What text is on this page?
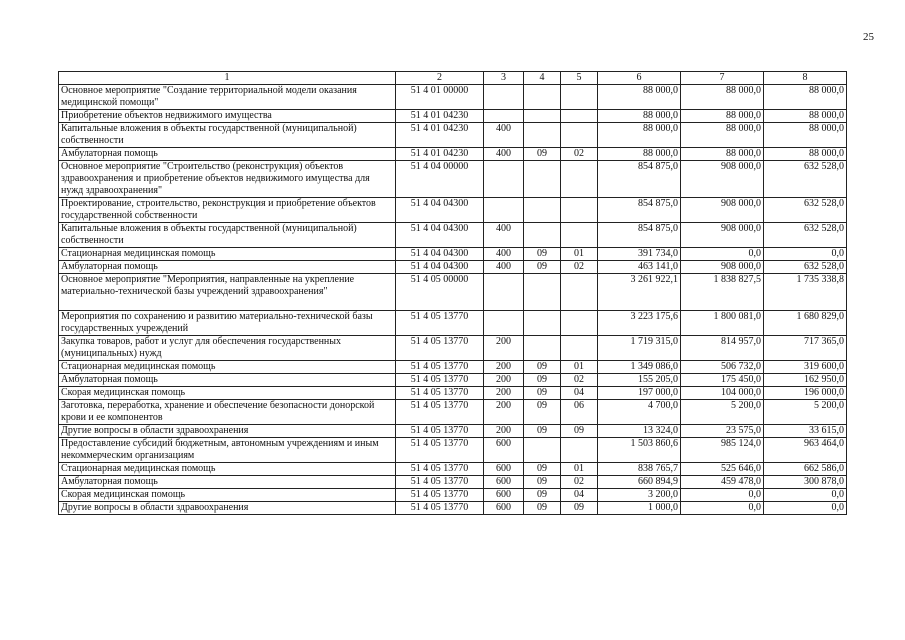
25
1	2	3	4	5	6	7	8
Основное мероприятие "Создание территориальной модели оказания медицинской помощи"	51 4 01 00000				88 000,0	88 000,0	88 000,0
Приобретение объектов недвижимого имущества	51 4 01 04230				88 000,0	88 000,0	88 000,0
Капитальные вложения в объекты государственной (муниципальной) собственности	51 4 01 04230	400			88 000,0	88 000,0	88 000,0
Амбулаторная помощь	51 4 01 04230	400	09	02	88 000,0	88 000,0	88 000,0
Основное мероприятие "Строительство (реконструкция) объектов здравоохранения и приобретение объектов недвижимого имущества для нужд здравоохранения"	51 4 04 00000				854 875,0	908 000,0	632 528,0
Проектирование, строительство, реконструкция и приобретение объектов государственной собственности	51 4 04 04300				854 875,0	908 000,0	632 528,0
Капитальные вложения в объекты государственной (муниципальной) собственности	51 4 04 04300	400			854 875,0	908 000,0	632 528,0
Стационарная медицинская помощь	51 4 04 04300	400	09	01	391 734,0	0,0	0,0
Амбулаторная помощь	51 4 04 04300	400	09	02	463 141,0	908 000,0	632 528,0
Основное мероприятие "Мероприятия, направленные на укрепление материально-технической базы учреждений здравоохранения"	51 4 05 00000				3 261 922,1	1 838 827,5	1 735 338,8
Мероприятия по сохранению и развитию материально-технической базы государственных учреждений	51 4 05 13770				3 223 175,6	1 800 081,0	1 680 829,0
Закупка товаров, работ и услуг для обеспечения государственных (муниципальных) нужд	51 4 05 13770	200			1 719 315,0	814 957,0	717 365,0
Стационарная медицинская помощь	51 4 05 13770	200	09	01	1 349 086,0	506 732,0	319 600,0
Амбулаторная помощь	51 4 05 13770	200	09	02	155 205,0	175 450,0	162 950,0
Скорая медицинская помощь	51 4 05 13770	200	09	04	197 000,0	104 000,0	196 000,0
Заготовка, переработка, хранение и обеспечение безопасности донорской крови и ее компонентов	51 4 05 13770	200	09	06	4 700,0	5 200,0	5 200,0
Другие вопросы в области здравоохранения	51 4 05 13770	200	09	09	13 324,0	23 575,0	33 615,0
Предоставление субсидий бюджетным, автономным учреждениям и иным некоммерческим организациям	51 4 05 13770	600			1 503 860,6	985 124,0	963 464,0
Стационарная медицинская помощь	51 4 05 13770	600	09	01	838 765,7	525 646,0	662 586,0
Амбулаторная помощь	51 4 05 13770	600	09	02	660 894,9	459 478,0	300 878,0
Скорая медицинская помощь	51 4 05 13770	600	09	04	3 200,0	0,0	0,0
Другие вопросы в области здравоохранения	51 4 05 13770	600	09	09	1 000,0	0,0	0,0
